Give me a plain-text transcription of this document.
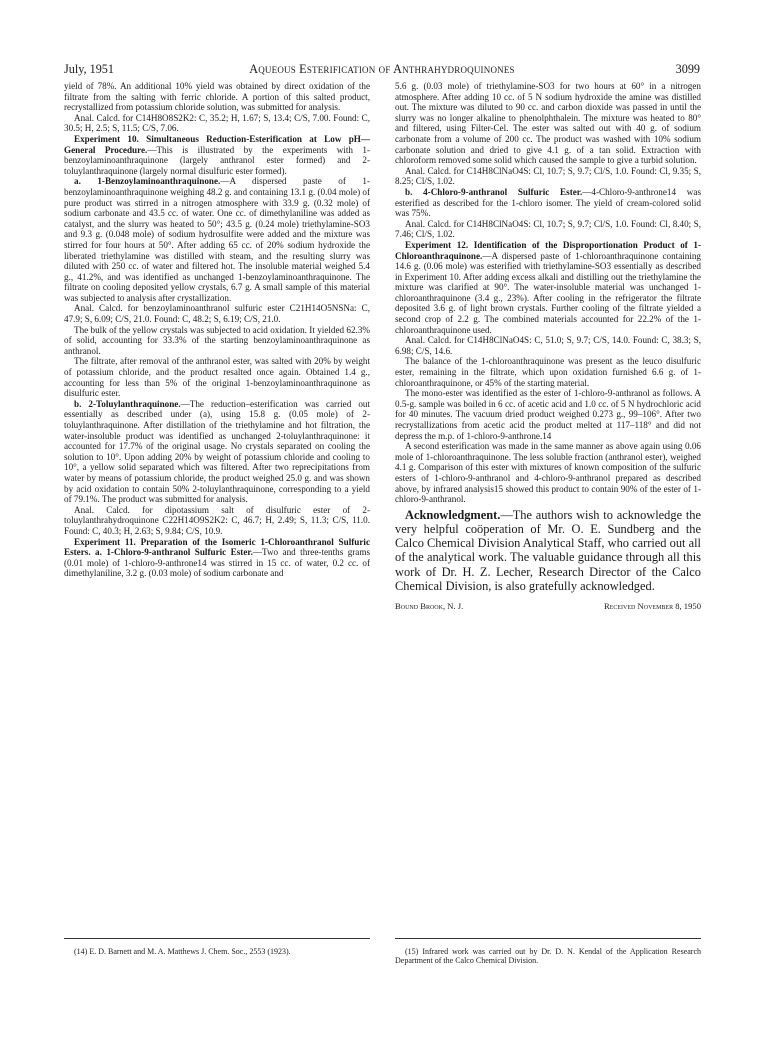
July, 1951	Aqueous Esterification of Anthrahydroquinones	3099

yield of 78%. An additional 10% yield was obtained by direct oxidation of the filtrate from the salting with ferric chloride. A portion of this salted product, recrystallized from potassium chloride solution, was submitted for analysis.

Anal. Calcd. for C14H8O8S2K2: C, 35.2; H, 1.67; S, 13.4; C/S, 7.00. Found: C, 30.5; H, 2.5; S, 11.5; C/S, 7.06.

Experiment 10. Simultaneous Reduction-Esterification at Low pH—General Procedure.—This is illustrated by the experiments with 1-benzoylaminoanthraquinone (largely anthranol ester formed) and 2-toluylanthraquinone (largely normal disulfuric ester formed).

a. 1-Benzoylaminoanthraquinone.—A dispersed paste of 1-benzoylaminoanthraquinone weighing 48.2 g. and containing 13.1 g. (0.04 mole) of pure product was stirred in a nitrogen atmosphere with 33.9 g. (0.32 mole) of sodium carbonate and 43.5 cc. of water. One cc. of dimethylaniline was added as catalyst, and the slurry was heated to 50°; 43.5 g. (0.24 mole) triethylamine-SO3 and 9.3 g. (0.048 mole) of sodium hydrosulfite were added and the mixture was stirred for four hours at 50°. After adding 65 cc. of 20% sodium hydroxide the liberated triethylamine was distilled with steam, and the resulting slurry was diluted with 250 cc. of water and filtered hot. The insoluble material weighed 5.4 g., 41.2%, and was identified as unchanged 1-benzoylaminoanthraquinone. The filtrate on cooling deposited yellow crystals, 6.7 g. A small sample of this material was subjected to analysis after crystallization.

Anal. Calcd. for benzoylaminoanthranol sulfuric ester C21H14O5NSNa: C, 47.9; S, 6.09; C/S, 21.0. Found: C, 48.2; S, 6.19; C/S, 21.0.

The bulk of the yellow crystals was subjected to acid oxidation. It yielded 62.3% of solid, accounting for 33.3% of the starting benzoylaminoanthraquinone as anthranol.

The filtrate, after removal of the anthranol ester, was salted with 20% by weight of potassium chloride, and the product resalted once again. Obtained 1.4 g., accounting for less than 5% of the original 1-benzoylaminoanthraquinone as disulfuric ester.

b. 2-Toluylanthraquinone.—The reduction–esterification was carried out essentially as described under (a), using 15.8 g. (0.05 mole) of 2-toluylanthraquinone. After distillation of the triethylamine and hot filtration, the water-insoluble product was identified as unchanged 2-toluylanthraquinone: it accounted for 17.7% of the original usage. No crystals separated on cooling the solution to 10°. Upon adding 20% by weight of potassium chloride and cooling to 10°, a yellow solid separated which was filtered. After two reprecipitations from water by means of potassium chloride, the product weighed 25.0 g. and was shown by acid oxidation to contain 50% 2-toluylanthraquinone, corresponding to a yield of 79.1%. The product was submitted for analysis.

Anal. Calcd. for dipotassium salt of disulfuric ester of 2-toluylanthrahydroquinone C22H14O9S2K2: C, 46.7; H, 2.49; S, 11.3; C/S, 11.0. Found: C, 40.3; H, 2.63; S, 9.84; C/S, 10.9.

Experiment 11. Preparation of the Isomeric 1-Chloroanthranol Sulfuric Esters. a. 1-Chloro-9-anthranol Sulfuric Ester.—Two and three-tenths grams (0.01 mole) of 1-chloro-9-anthrone14 was stirred in 15 cc. of water, 0.2 cc. of dimethylaniline, 3.2 g. (0.03 mole) of sodium carbonate and

5.6 g. (0.03 mole) of triethylamine-SO3 for two hours at 60° in a nitrogen atmosphere. After adding 10 cc. of 5 N sodium hydroxide the amine was distilled out. The mixture was diluted to 90 cc. and carbon dioxide was passed in until the slurry was no longer alkaline to phenolphthalein. The mixture was heated to 80° and filtered, using Filter-Cel. The ester was salted out with 40 g. of sodium carbonate from a volume of 200 cc. The product was washed with 10% sodium carbonate solution and dried to give 4.1 g. of a tan solid. Extraction with chloroform removed some solid which caused the sample to give a turbid solution.

Anal. Calcd. for C14H8ClNaO4S: Cl, 10.7; S, 9.7; Cl/S, 1.0. Found: Cl, 9.35; S, 8.25; Cl/S, 1.02.

b. 4-Chloro-9-anthranol Sulfuric Ester.—4-Chloro-9-anthrone14 was esterified as described for the 1-chloro isomer. The yield of cream-colored solid was 75%.

Anal. Calcd. for C14H8ClNaO4S: Cl, 10.7; S, 9.7; Cl/S, 1.0. Found: Cl, 8.40; S, 7.46; Cl/S, 1.02.

Experiment 12. Identification of the Disproportionation Product of 1-Chloroanthraquinone.—A dispersed paste of 1-chloroanthraquinone containing 14.6 g. (0.06 mole) was esterified with triethylamine-SO3 essentially as described in Experiment 10. After adding excess alkali and distilling out the triethylamine the mixture was clarified at 90°. The water-insoluble material was unchanged 1-chloroanthraquinone (3.4 g., 23%). After cooling in the refrigerator the filtrate deposited 3.6 g. of light brown crystals. Further cooling of the filtrate yielded a second crop of 2.2 g. The combined materials accounted for 22.2% of the 1-chloroanthraquinone used.

Anal. Calcd. for C14H8ClNaO4S: C, 51.0; S, 9.7; C/S, 14.0. Found: C, 38.3; S, 6.98; C/S, 14.6.

The balance of the 1-chloroanthraquinone was present as the leuco disulfuric ester, remaining in the filtrate, which upon oxidation furnished 6.6 g. of 1-chloroanthraquinone, or 45% of the starting material.

The mono-ester was identified as the ester of 1-chloro-9-anthranol as follows. A 0.5-g. sample was boiled in 6 cc. of acetic acid and 1.0 cc. of 5 N hydrochloric acid for 40 minutes. The vacuum dried product weighed 0.273 g., 99–106°. After two recrystallizations from acetic acid the product melted at 117–118° and did not depress the m.p. of 1-chloro-9-anthrone.14

A second esterification was made in the same manner as above again using 0.06 mole of 1-chloroanthraquinone. The less soluble fraction (anthranol ester), weighed 4.1 g. Comparison of this ester with mixtures of known composition of the sulfuric esters of 1-chloro-9-anthranol and 4-chloro-9-anthranol prepared as described above, by infrared analysis15 showed this product to contain 90% of the ester of 1-chloro-9-anthranol.

Acknowledgment.—The authors wish to acknowledge the very helpful coöperation of Mr. O. E. Sundberg and the Calco Chemical Division Analytical Staff, who carried out all of the analytical work. The valuable guidance through all this work of Dr. H. Z. Lecher, Research Director of the Calco Chemical Division, is also gratefully acknowledged.

Bound Brook, N. J.	Received November 8, 1950

(14) E. D. Barnett and M. A. Matthews J. Chem. Soc., 2553 (1923).	(15) Infrared work was carried out by Dr. D. N. Kendal of the Application Research Department of the Calco Chemical Division.
